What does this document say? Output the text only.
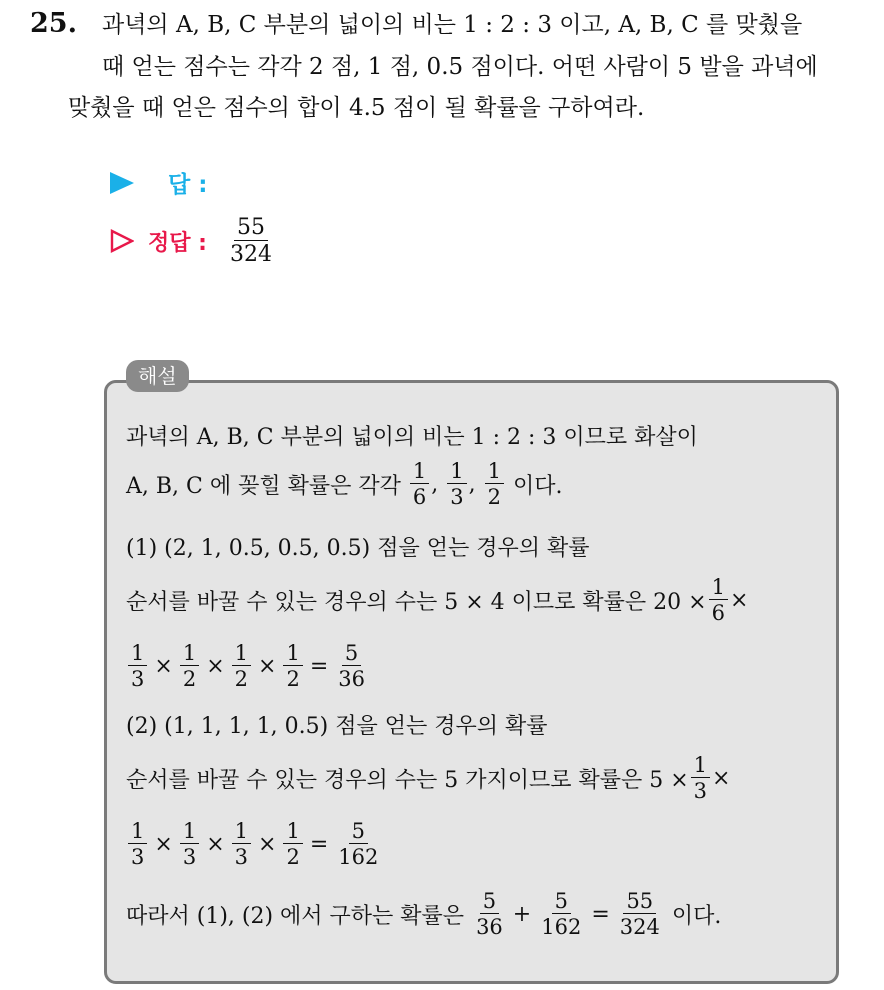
25. 과녁의 A, B, C 부분의 넓이의 비는 1 : 2 : 3 이고, A, B, C 를 맞췄을
때 얻는 점수는 각각 2 점, 1 점, 0.5 점이다. 어떤 사람이 5 발을 과녁에
맞췄을 때 얻은 점수의 합이 4.5 점이 될 확률을 구하여라.
답 :
정답 : $\frac{55}{324}$
해설
과녁의 A, B, C 부분의 넓이의 비는 1 : 2 : 3 이므로 화살이
A, B, C 에 꽂힐 확률은 각각
$\frac{1}{6}$ ,
$\frac{1}{3}$ ,
$\frac{1}{2}$
이다.
(1) (2, 1, 0.5, 0.5, 0.5) 점을 얻는 경우의 확률
순서를 바꿀 수 있는 경우의 수는 5 × 4 이므로 확률은 $20 \times \frac{1}{6}$ ×
$\frac{1}{3} \times \frac{1}{2} \times \frac{1}{2} \times \frac{1}{2} = \frac{5}{36}$
(2) (1, 1, 1, 1, 0.5) 점을 얻는 경우의 확률
순서를 바꿀 수 있는 경우의 수는 5 가지이므로 확률은 $5 \times \frac{1}{3}$ ×
$\frac{1}{3} \times \frac{1}{3} \times \frac{1}{3} \times \frac{1}{2} = \frac{5}{162}$
따라서 (1), (2) 에서 구하는 확률은
$\frac{5}{36} + \frac{5}{162} = \frac{55}{324}$
이다.
